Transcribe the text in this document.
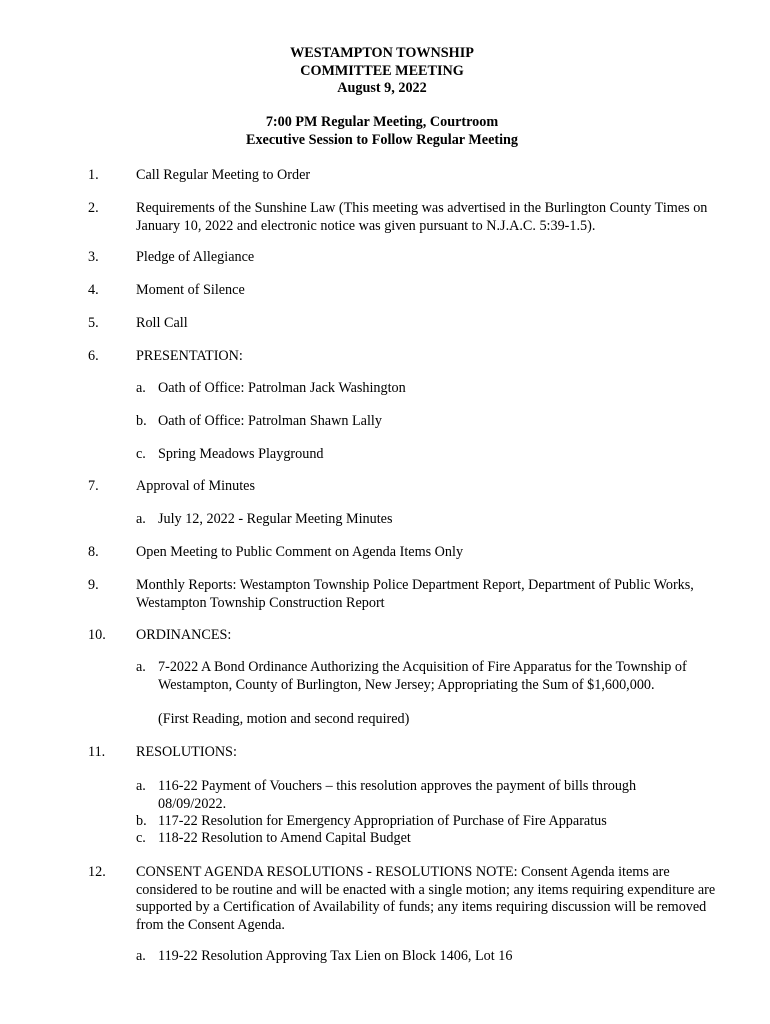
WESTAMPTON TOWNSHIP
COMMITTEE MEETING
August 9, 2022
7:00 PM Regular Meeting, Courtroom
Executive Session to Follow Regular Meeting
1.	Call Regular Meeting to Order
2.	Requirements of the Sunshine Law (This meeting was advertised in the Burlington County Times on January 10, 2022 and electronic notice was given pursuant to N.J.A.C. 5:39-1.5).
3.	Pledge of Allegiance
4.	Moment of Silence
5.	Roll Call
6.	PRESENTATION:
a. Oath of Office: Patrolman Jack Washington
b. Oath of Office: Patrolman Shawn Lally
c. Spring Meadows Playground
7.	Approval of Minutes
a. July 12, 2022 - Regular Meeting Minutes
8.	Open Meeting to Public Comment on Agenda Items Only
9.	Monthly Reports: Westampton Township Police Department Report, Department of Public Works, Westampton Township Construction Report
10.	ORDINANCES:
a. 7-2022 A Bond Ordinance Authorizing the Acquisition of Fire Apparatus for the Township of Westampton, County of Burlington, New Jersey; Appropriating the Sum of $1,600,000.
(First Reading, motion and second required)
11.	RESOLUTIONS:
a. 116-22 Payment of Vouchers – this resolution approves the payment of bills through 08/09/2022.
b. 117-22 Resolution for Emergency Appropriation of Purchase of Fire Apparatus
c. 118-22 Resolution to Amend Capital Budget
12.	CONSENT AGENDA RESOLUTIONS - RESOLUTIONS NOTE: Consent Agenda items are considered to be routine and will be enacted with a single motion; any items requiring expenditure are supported by a Certification of Availability of funds; any items requiring discussion will be removed from the Consent Agenda.
a. 119-22 Resolution Approving Tax Lien on Block 1406, Lot 16
